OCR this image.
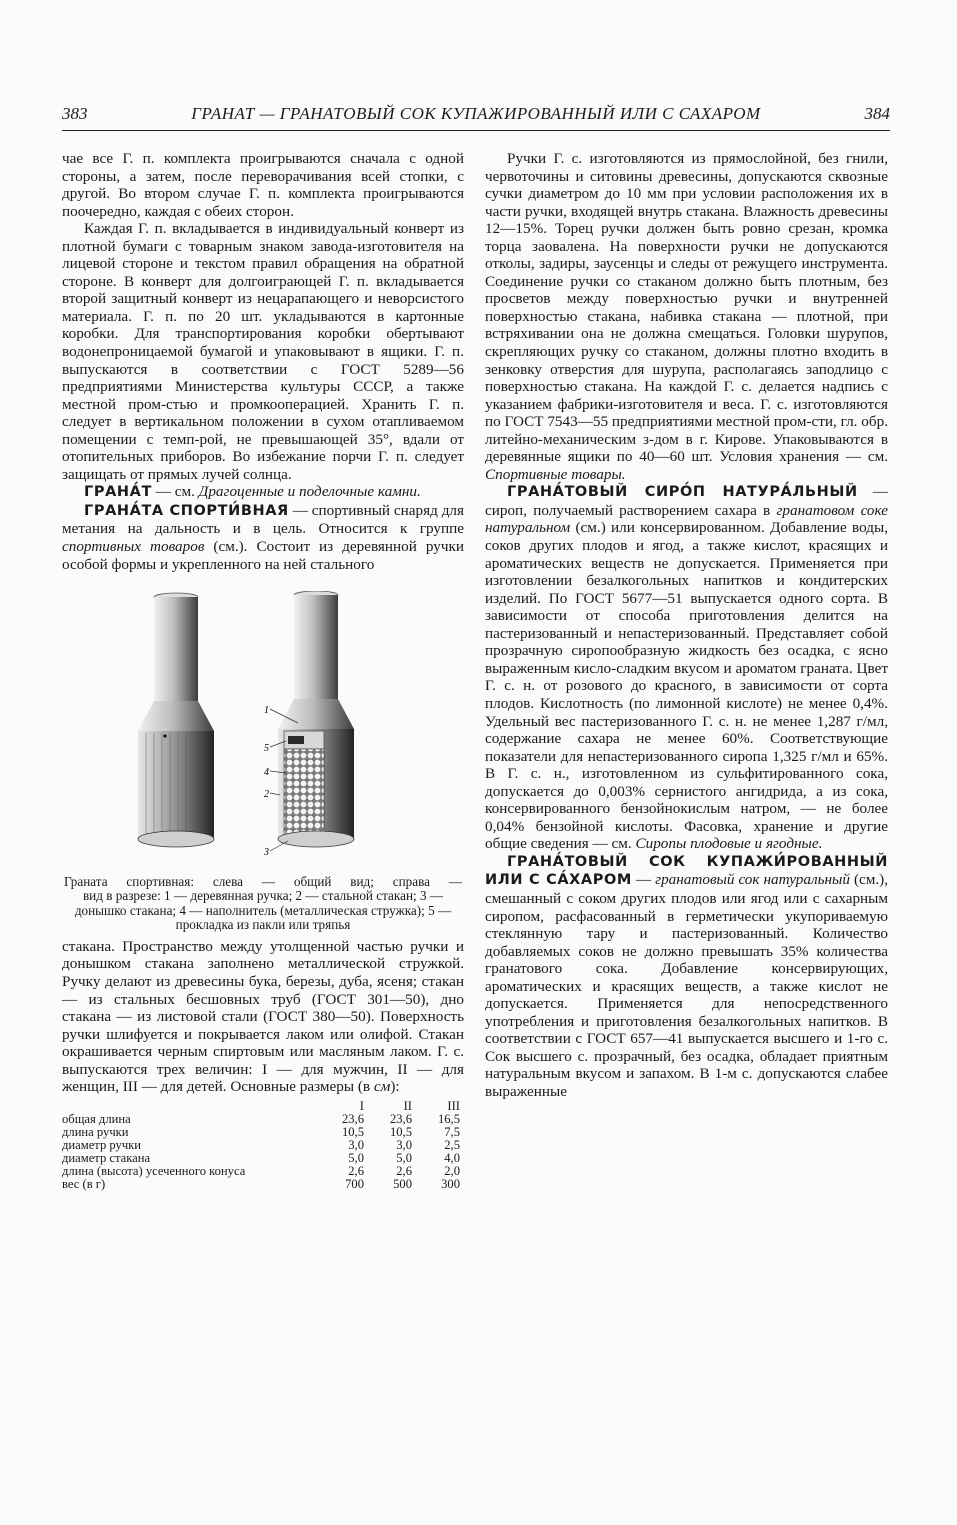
383	ГРАНАТ — ГРАНАТОВЫЙ СОК КУПАЖИРОВАННЫЙ ИЛИ С САХАРОМ	384

чае все Г. п. комплекта проигрываются сначала с одной стороны, а затем, после переворачивания всей стопки, с другой. Во втором случае Г. п. комплекта проигрываются поочередно, каждая с обеих сторон.

Каждая Г. п. вкладывается в индивидуальный конверт из плотной бумаги с товарным знаком завода-изготовителя на лицевой стороне и текстом правил обращения на обратной стороне. В конверт для долгоиграющей Г. п. вкладывается второй защитный конверт из нецарапающего и неворсистого материала. Г. п. по 20 шт. укладываются в картонные коробки. Для транспортирования коробки обертывают водонепроницаемой бумагой и упаковывают в ящики. Г. п. выпускаются в соответствии с ГОСТ 5289—56 предприятиями Министерства культуры СССР, а также местной пром-стью и промкооперацией. Хранить Г. п. следует в вертикальном положении в сухом отапливаемом помещении с темп-рой, не превышающей 35°, вдали от отопительных приборов. Во избежание порчи Г. п. следует защищать от прямых лучей солнца.

ГРАНА́Т — см. Драгоценные и поделочные камни.

ГРАНА́ТА СПОРТИ́ВНАЯ — спортивный снаряд для метания на дальность и в цель. Относится к группе спортивных товаров (см.). Состоит из деревянной ручки особой формы и укрепленного на ней стального

1
5
4
2
3
Граната спортивная: слева — общий вид; справа —
вид в разрезе: 1 — деревянная ручка; 2 — стальной стакан; 3 — донышко стакана; 4 — наполнитель (металлическая стружка); 5 — прокладка из пакли или тряпья

стакана. Пространство между утолщенной частью ручки и донышком стакана заполнено металлической стружкой. Ручку делают из древесины бука, березы, дуба, ясеня; стакан — из стальных бесшовных труб (ГОСТ 301—50), дно стакана — из листовой стали (ГОСТ 380—50). Поверхность ручки шлифуется и покрывается лаком или олифой. Стакан окрашивается черным спиртовым или масляным лаком. Г. с. выпускаются трех величин: I — для мужчин, II — для женщин, III — для детей. Основные размеры (в см):

	I	II	III
общая длина	23,6	23,6	16,5
длина ручки	10,5	10,5	7,5
диаметр ручки	3,0	3,0	2,5
диаметр стакана	5,0	5,0	4,0
длина (высота) усеченного конуса	2,6	2,6	2,0
вес (в г)	700	500	300

Ручки Г. с. изготовляются из прямослойной, без гнили, червоточины и ситовины древесины, допускаются сквозные сучки диаметром до 10 мм при условии расположения их в части ручки, входящей внутрь стакана. Влажность древесины 12—15%. Торец ручки должен быть ровно срезан, кромка торца заовалена. На поверхности ручки не допускаются отколы, задиры, заусенцы и следы от режущего инструмента. Соединение ручки со стаканом должно быть плотным, без просветов между поверхностью ручки и внутренней поверхностью стакана, набивка стакана — плотной, при встряхивании она не должна смещаться. Головки шурупов, скрепляющих ручку со стаканом, должны плотно входить в зенковку отверстия для шурупа, располагаясь заподлицо с поверхностью стакана. На каждой Г. с. делается надпись с указанием фабрики-изготовителя и веса. Г. с. изготовляются по ГОСТ 7543—55 предприятиями местной пром-сти, гл. обр. литейно-механическим з-дом в г. Кирове. Упаковываются в деревянные ящики по 40—60 шт. Условия хранения — см. Спортивные товары.

ГРАНА́ТОВЫЙ СИРО́П НАТУРА́ЛЬНЫЙ — сироп, получаемый растворением сахара в гранатовом соке натуральном (см.) или консервированном. Добавление воды, соков других плодов и ягод, а также кислот, красящих и ароматических веществ не допускается. Применяется при изготовлении безалкогольных напитков и кондитерских изделий. По ГОСТ 5677—51 выпускается одного сорта. В зависимости от способа приготовления делится на пастеризованный и непастеризованный. Представляет собой прозрачную сиропообразную жидкость без осадка, с ясно выраженным кисло-сладким вкусом и ароматом граната. Цвет Г. с. н. от розового до красного, в зависимости от сорта плодов. Кислотность (по лимонной кислоте) не менее 0,4%. Удельный вес пастеризованного Г. с. н. не менее 1,287 г/мл, содержание сахара не менее 60%. Соответствующие показатели для непастеризованного сиропа 1,325 г/мл и 65%. В Г. с. н., изготовленном из сульфитированного сока, допускается до 0,003% сернистого ангидрида, а из сока, консервированного бензойнокислым натром, — не более 0,04% бензойной кислоты. Фасовка, хранение и другие общие сведения — см. Сиропы плодовые и ягодные.

ГРАНА́ТОВЫЙ СОК КУПАЖИ́РОВАННЫЙ ИЛИ С СА́ХАРОМ — гранатовый сок натуральный (см.), смешанный с соком других плодов или ягод или с сахарным сиропом, расфасованный в герметически укупориваемую стеклянную тару и пастеризованный. Количество добавляемых соков не должно превышать 35% количества гранатового сока. Добавление консервирующих, ароматических и красящих веществ, а также кислот не допускается. Применяется для непосредственного употребления и приготовления безалкогольных напитков. В соответствии с ГОСТ 657—41 выпускается высшего и 1-го с. Сок высшего с. прозрачный, без осадка, обладает приятным натуральным вкусом и запахом. В 1-м с. допускаются слабее выраженные
